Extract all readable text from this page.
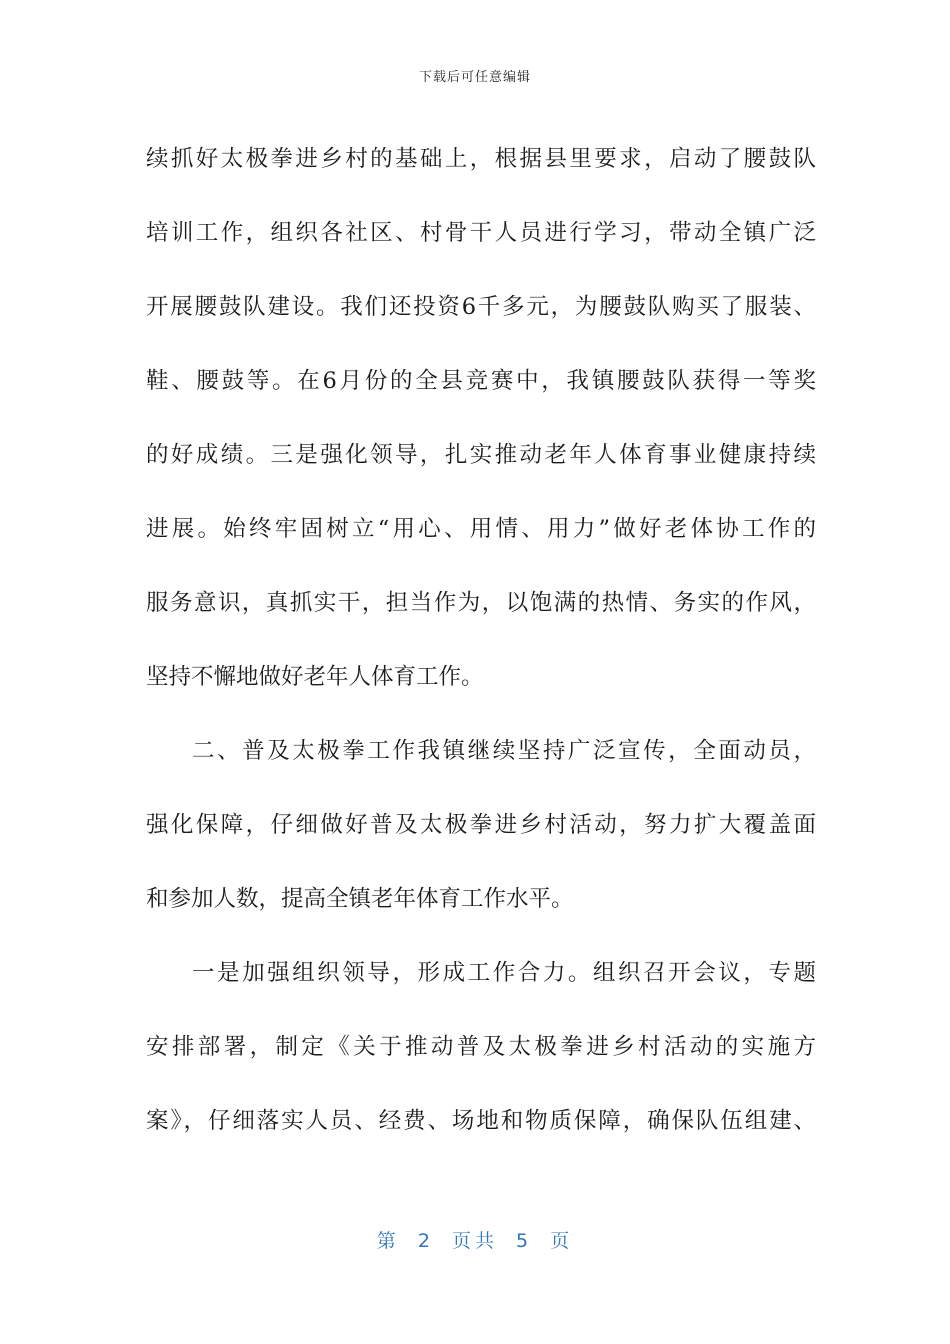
下载后可任意编辑
续抓好太极拳进乡村的基础上，根据县里要求，启动了腰鼓队
培训工作，组织各社区、村骨干人员进行学习，带动全镇广泛
开展腰鼓队建设。我们还投资6千多元，为腰鼓队购买了服装、
鞋、腰鼓等。在6月份的全县竞赛中，我镇腰鼓队获得一等奖
的好成绩。三是强化领导，扎实推动老年人体育事业健康持续
进展。始终牢固树立“用心、用情、用力”做好老体协工作的
服务意识，真抓实干，担当作为，以饱满的热情、务实的作风，
坚持不懈地做好老年人体育工作。
二、普及太极拳工作我镇继续坚持广泛宣传，全面动员，
强化保障，仔细做好普及太极拳进乡村活动，努力扩大覆盖面
和参加人数，提高全镇老年体育工作水平。
一是加强组织领导，形成工作合力。组织召开会议，专题
安排部署，制定《关于推动普及太极拳进乡村活动的实施方
案》，仔细落实人员、经费、场地和物质保障，确保队伍组建、
第 2 页共 5 页
